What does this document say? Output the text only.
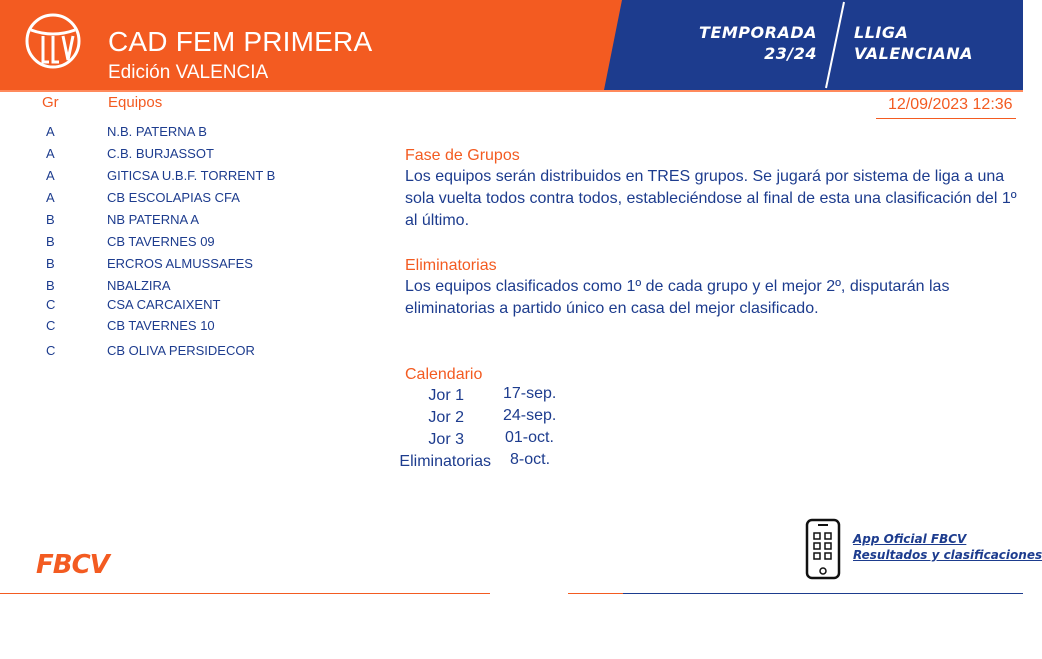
CAD FEM PRIMERA
Edición VALENCIA
TEMPORADA
23/24
LLIGA
VALENCIANA
Gr	Equipos	12/09/2023 12:36
A	N.B. PATERNA B
A	C.B. BURJASSOT
A	GITICSA U.B.F. TORRENT B
A	CB ESCOLAPIAS CFA
B	NB PATERNA A
B	CB TAVERNES 09
B	ERCROS ALMUSSAFES
B	NBALZIRA
C	CSA CARCAIXENT
C	CB TAVERNES 10
C	CB OLIVA PERSIDECOR
Fase de Grupos
Los equipos serán distribuidos en TRES grupos. Se jugará por sistema de liga a una
sola vuelta todos contra todos, estableciéndose al final de esta una clasificación del 1º
al último.
Eliminatorias
Los equipos clasificados como 1º de cada grupo y el mejor 2º, disputarán las
eliminatorias a partido único en casa del mejor clasificado.
Calendario
Jor 1 17-sep.
Jor 2 24-sep.
Jor 3	01-oct.
Eliminatorias 8-oct.
FBCV
App Oficial FBCV
Resultados y clasificaciones
